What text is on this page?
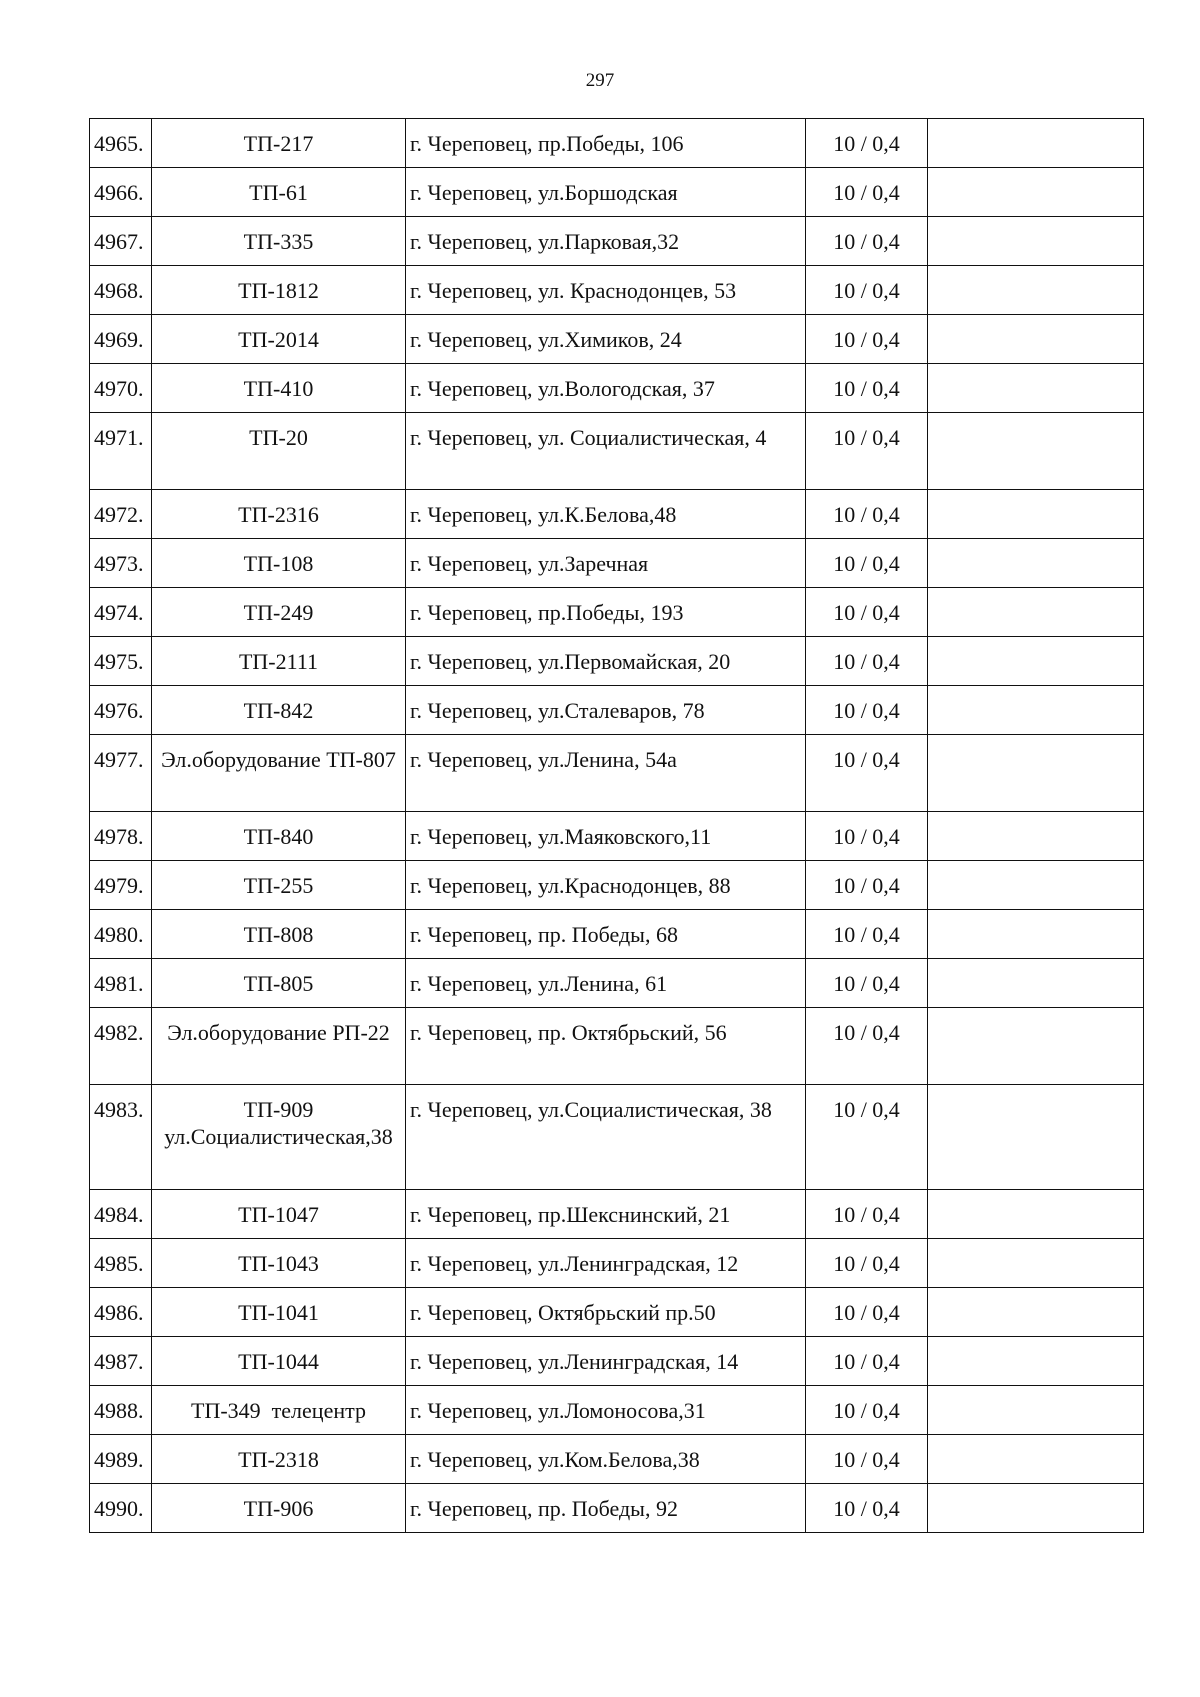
297
4965.	ТП-217	г. Череповец, пр.Победы, 106	10 / 0,4	
4966.	ТП-61	г. Череповец, ул.Боршодская	10 / 0,4	
4967.	ТП-335	г. Череповец, ул.Парковая,32	10 / 0,4	
4968.	ТП-1812	г. Череповец, ул. Краснодонцев, 53	10 / 0,4	
4969.	ТП-2014	г. Череповец, ул.Химиков, 24	10 / 0,4	
4970.	ТП-410	г. Череповец, ул.Вологодская, 37	10 / 0,4	
4971.	ТП-20	г. Череповец, ул. Социалистическая, 4	10 / 0,4	
4972.	ТП-2316	г. Череповец, ул.К.Белова,48	10 / 0,4	
4973.	ТП-108	г. Череповец, ул.Заречная	10 / 0,4	
4974.	ТП-249	г. Череповец, пр.Победы, 193	10 / 0,4	
4975.	ТП-2111	г. Череповец, ул.Первомайская, 20	10 / 0,4	
4976.	ТП-842	г. Череповец, ул.Сталеваров, 78	10 / 0,4	
4977.	Эл.оборудование ТП-807	г. Череповец, ул.Ленина, 54а	10 / 0,4	
4978.	ТП-840	г. Череповец, ул.Маяковского,11	10 / 0,4	
4979.	ТП-255	г. Череповец, ул.Краснодонцев, 88	10 / 0,4	
4980.	ТП-808	г. Череповец, пр. Победы, 68	10 / 0,4	
4981.	ТП-805	г. Череповец, ул.Ленина, 61	10 / 0,4	
4982.	Эл.оборудование РП-22	г. Череповец, пр. Октябрьский, 56	10 / 0,4	
4983.	ТП-909 ул.Социалистическая,38	г. Череповец, ул.Социалистическая, 38	10 / 0,4	
4984.	ТП-1047	г. Череповец, пр.Шекснинский, 21	10 / 0,4	
4985.	ТП-1043	г. Череповец, ул.Ленинградская, 12	10 / 0,4	
4986.	ТП-1041	г. Череповец, Октябрьский пр.50	10 / 0,4	
4987.	ТП-1044	г. Череповец, ул.Ленинградская, 14	10 / 0,4	
4988.	ТП-349  телецентр	г. Череповец, ул.Ломоносова,31	10 / 0,4	
4989.	ТП-2318	г. Череповец, ул.Ком.Белова,38	10 / 0,4	
4990.	ТП-906	г. Череповец, пр. Победы, 92	10 / 0,4	
